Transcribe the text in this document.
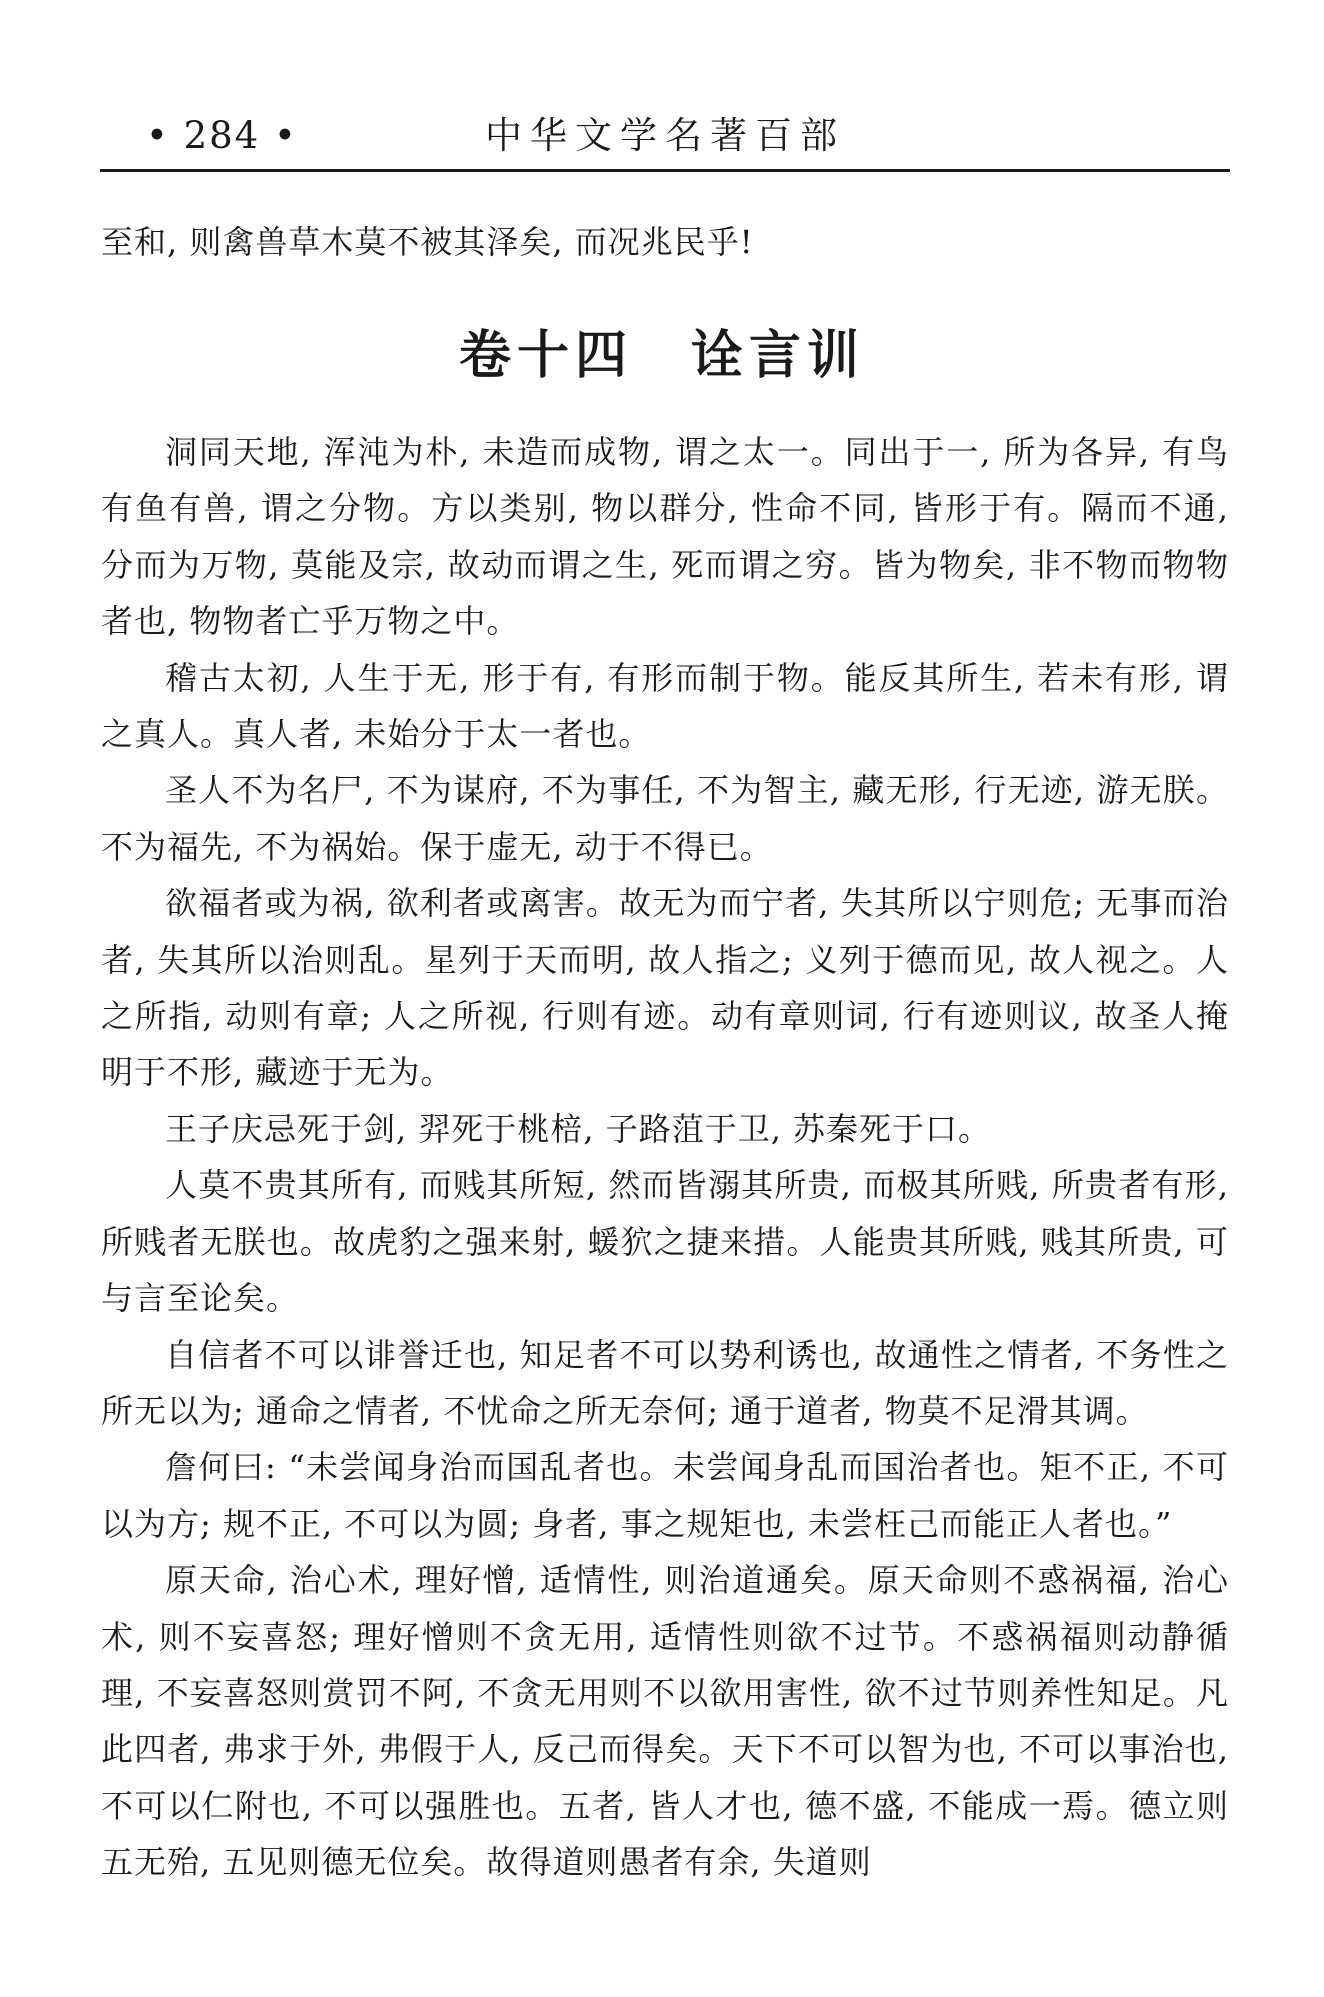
• 284 •	中华文学名著百部
至和, 则禽兽草木莫不被其泽矣, 而况兆民乎!
卷十四　诠言训

洞同天地, 浑沌为朴, 未造而成物, 谓之太一。同出于一, 所为各异, 有鸟有鱼有兽, 谓之分物。方以类别, 物以群分, 性命不同, 皆形于有。隔而不通, 分而为万物, 莫能及宗, 故动而谓之生, 死而谓之穷。皆为物矣, 非不物而物物者也, 物物者亡乎万物之中。

稽古太初, 人生于无, 形于有, 有形而制于物。能反其所生, 若未有形, 谓之真人。真人者, 未始分于太一者也。

圣人不为名尸, 不为谋府, 不为事任, 不为智主, 藏无形, 行无迹, 游无朕。不为福先, 不为祸始。保于虚无, 动于不得已。

欲福者或为祸, 欲利者或离害。故无为而宁者, 失其所以宁则危; 无事而治者, 失其所以治则乱。星列于天而明, 故人指之; 义列于德而见, 故人视之。人之所指, 动则有章; 人之所视, 行则有迹。动有章则词, 行有迹则议, 故圣人掩明于不形, 藏迹于无为。

王子庆忌死于剑, 羿死于桃棓, 子路菹于卫, 苏秦死于口。

人莫不贵其所有, 而贱其所短, 然而皆溺其所贵, 而极其所贱, 所贵者有形, 所贱者无朕也。故虎豹之强来射, 蝯狖之捷来措。人能贵其所贱, 贱其所贵, 可与言至论矣。

自信者不可以诽誉迁也, 知足者不可以势利诱也, 故通性之情者, 不务性之所无以为; 通命之情者, 不忧命之所无奈何; 通于道者, 物莫不足滑其调。

詹何曰: “未尝闻身治而国乱者也。未尝闻身乱而国治者也。矩不正, 不可以为方; 规不正, 不可以为圆; 身者, 事之规矩也, 未尝枉己而能正人者也。”

原天命, 治心术, 理好憎, 适情性, 则治道通矣。原天命则不惑祸福, 治心术, 则不妄喜怒; 理好憎则不贪无用, 适情性则欲不过节。不惑祸福则动静循理, 不妄喜怒则赏罚不阿, 不贪无用则不以欲用害性, 欲不过节则养性知足。凡此四者, 弗求于外, 弗假于人, 反己而得矣。天下不可以智为也, 不可以事治也, 不可以仁附也, 不可以强胜也。五者, 皆人才也, 德不盛, 不能成一焉。德立则五无殆, 五见则德无位矣。故得道则愚者有余, 失道则
